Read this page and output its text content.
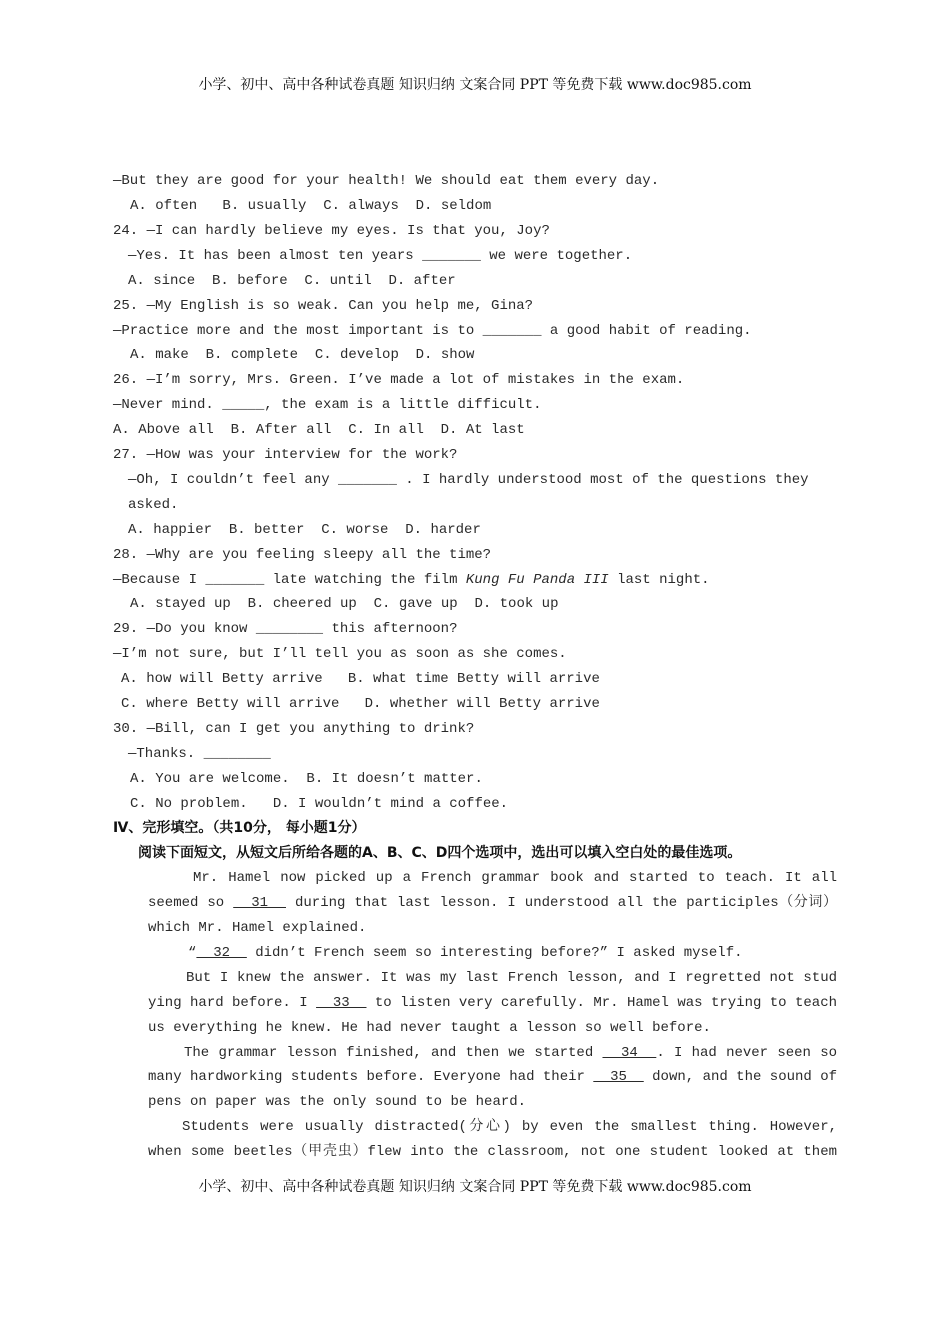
小学、初中、高中各种试卷真题 知识归纳 文案合同 PPT 等免费下载 www.doc985.com
—But they are good for your health! We should eat them every day.
A. often   B. usually  C. always  D. seldom
24. —I can hardly believe my eyes. Is that you, Joy?
—Yes. It has been almost ten years _______ we were together.
A. since  B. before  C. until  D. after
25. —My English is so weak. Can you help me, Gina?
—Practice more and the most important is to _______ a good habit of reading.
A. make  B. complete  C. develop  D. show
26. —I’m sorry, Mrs. Green. I’ve made a lot of mistakes in the exam.
—Never mind. _____, the exam is a little difficult.
A. Above all  B. After all  C. In all  D. At last
27. —How was your interview for the work?
—Oh, I couldn’t feel any _______ . I hardly understood most of the questions they
asked.
A. happier  B. better  C. worse  D. harder
28. —Why are you feeling sleepy all the time?
—Because I _______ late watching the film Kung Fu Panda III last night.
A. stayed up  B. cheered up  C. gave up  D. took up
29. —Do you know ________ this afternoon?
—I’m not sure, but I’ll tell you as soon as she comes.
A. how will Betty arrive   B. what time Betty will arrive
C. where Betty will arrive   D. whether will Betty arrive
30. —Bill, can I get you anything to drink?
—Thanks. ________
A. You are welcome.  B. It doesn’t matter.
C. No problem.   D. I wouldn’t mind a coffee.
Ⅳ、完形填空。（共10分， 每小题1分）
阅读下面短文，从短文后所给各题的A、B、C、D四个选项中，选出可以填入空白处的最佳选项。
Mr. Hamel now picked up a French grammar book and started to teach. It all
seemed so   31   during that last lesson. I understood all the participles（分词）
which Mr. Hamel explained.
“  32   didn’t French seem so interesting before?” I asked myself.
But I knew the answer. It was my last French lesson, and I regretted not stud
ying hard before. I   33   to listen very carefully. Mr. Hamel was trying to teach
us everything he knew. He had never taught a lesson so well before.
The grammar lesson finished, and then we started   34  . I had never seen so
many hardworking students before. Everyone had their   35   down, and the sound of
pens on paper was the only sound to be heard.
Students were usually distracted(分心) by even the smallest thing. However,
when some beetles（甲壳虫）flew into the classroom, not one student looked at them
小学、初中、高中各种试卷真题 知识归纳 文案合同 PPT 等免费下载 www.doc985.com
